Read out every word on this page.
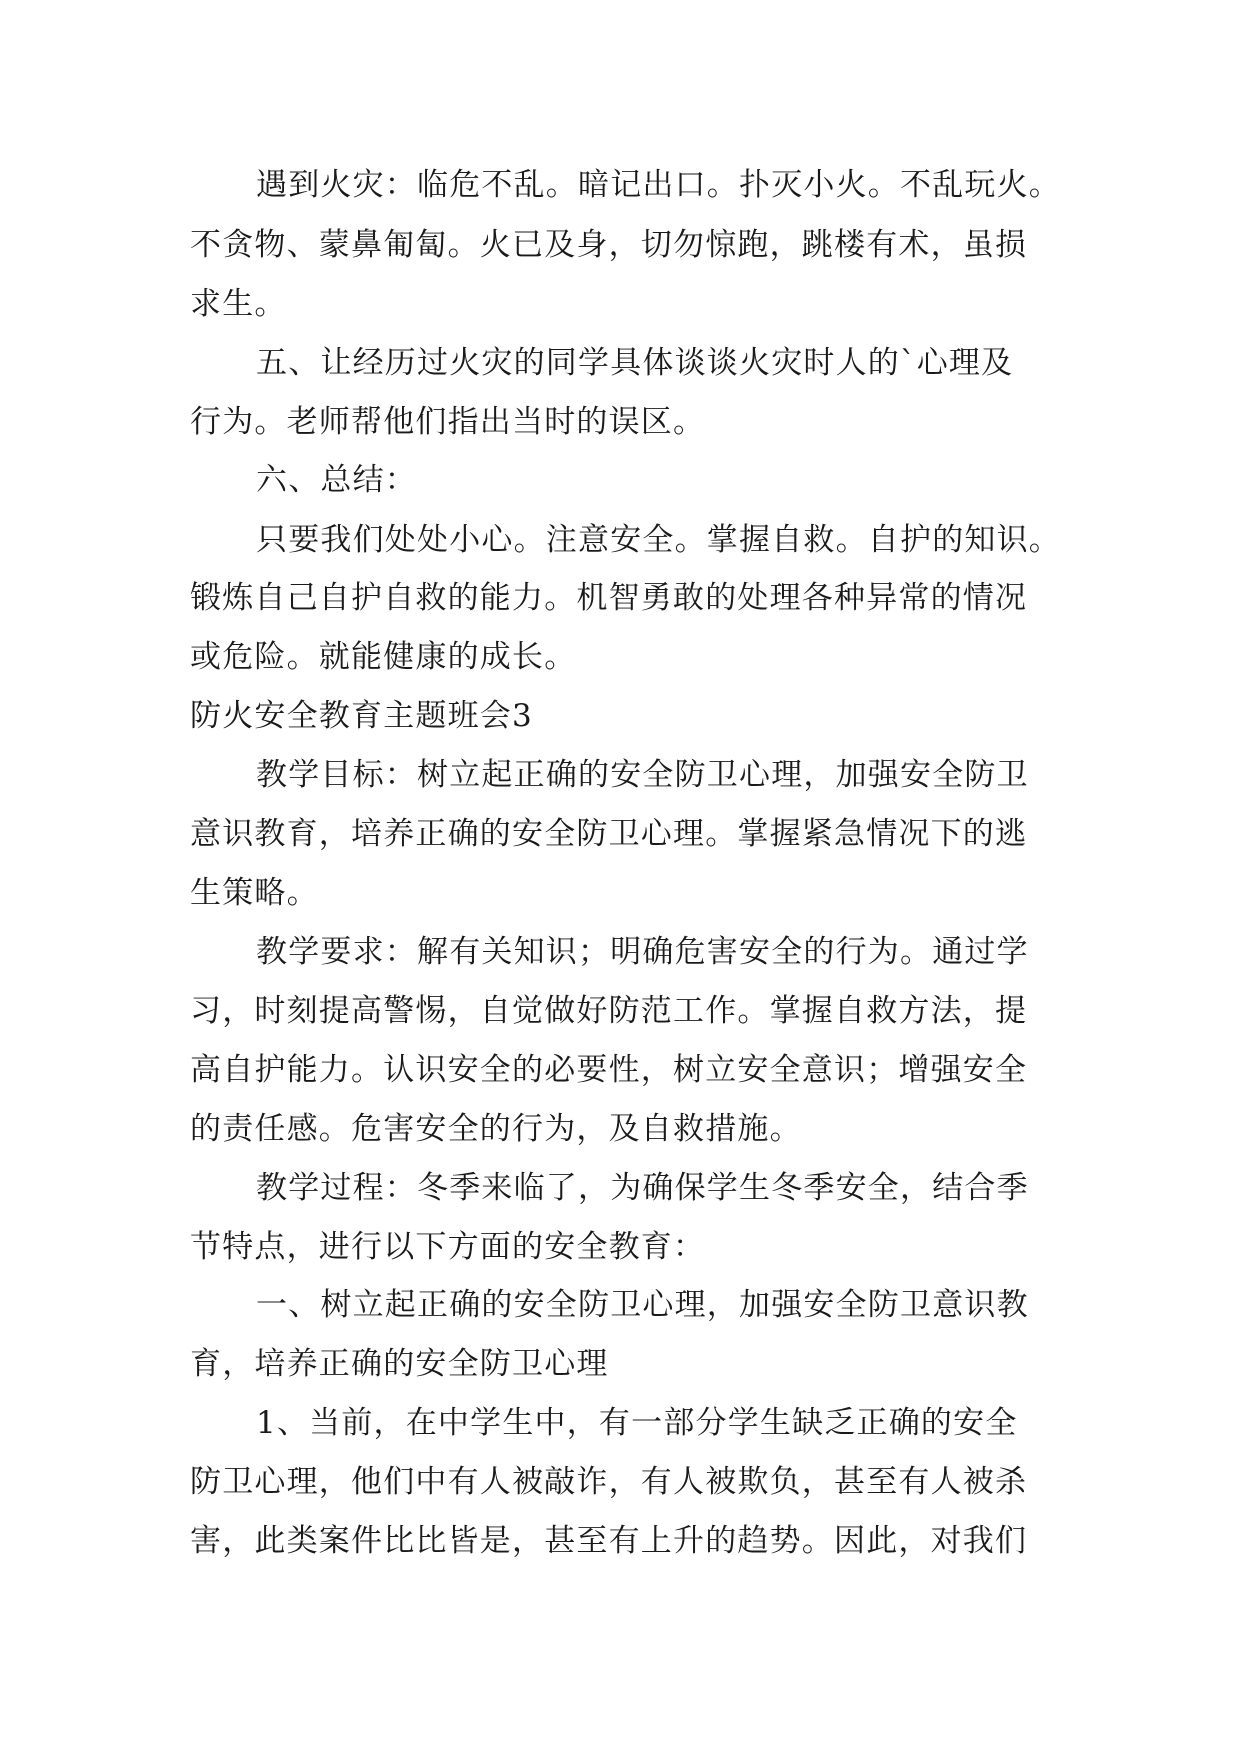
遇到火灾：临危不乱。暗记出口。扑灭小火。不乱玩火。
不贪物、蒙鼻匍匐。火已及身，切勿惊跑，跳楼有术，虽损
求生。
五、让经历过火灾的同学具体谈谈火灾时人的`心理及
行为。老师帮他们指出当时的误区。
六、总结：
只要我们处处小心。注意安全。掌握自救。自护的知识。
锻炼自己自护自救的能力。机智勇敢的处理各种异常的情况
或危险。就能健康的成长。
防火安全教育主题班会3
教学目标：树立起正确的安全防卫心理，加强安全防卫
意识教育，培养正确的安全防卫心理。掌握紧急情况下的逃
生策略。
教学要求：解有关知识；明确危害安全的行为。通过学
习，时刻提高警惕，自觉做好防范工作。掌握自救方法，提
高自护能力。认识安全的必要性，树立安全意识；增强安全
的责任感。危害安全的行为，及自救措施。
教学过程：冬季来临了，为确保学生冬季安全，结合季
节特点，进行以下方面的安全教育：
一、树立起正确的安全防卫心理，加强安全防卫意识教
育，培养正确的安全防卫心理
1、当前，在中学生中，有一部分学生缺乏正确的安全
防卫心理，他们中有人被敲诈，有人被欺负，甚至有人被杀
害，此类案件比比皆是，甚至有上升的趋势。因此，对我们
